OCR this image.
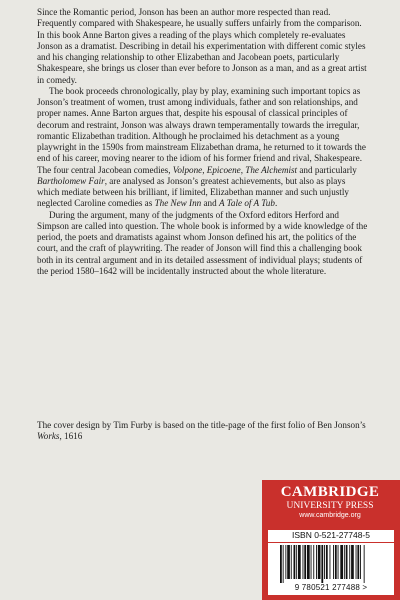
Since the Romantic period, Jonson has been an author more respected than read. Frequently compared with Shakespeare, he usually suffers unfairly from the comparison. In this book Anne Barton gives a reading of the plays which completely re-evaluates Jonson as a dramatist. Describing in detail his experimentation with different comic styles and his changing relationship to other Elizabethan and Jacobean poets, particularly Shakespeare, she brings us closer than ever before to Jonson as a man, and as a great artist in comedy.

The book proceeds chronologically, play by play, examining such important topics as Jonson’s treatment of women, trust among individuals, father and son relationships, and proper names. Anne Barton argues that, despite his espousal of classical principles of decorum and restraint, Jonson was always drawn temperamentally towards the irregular, romantic Elizabethan tradition. Although he proclaimed his detachment as a young playwright in the 1590s from mainstream Elizabethan drama, he returned to it towards the end of his career, moving nearer to the idiom of his former friend and rival, Shakespeare. The four central Jacobean comedies, Volpone, Epicoene, The Alchemist and particularly Bartholomew Fair, are analysed as Jonson’s greatest achievements, but also as plays which mediate between his brilliant, if limited, Elizabethan manner and such unjustly neglected Caroline comedies as The New Inn and A Tale of A Tub.

During the argument, many of the judgments of the Oxford editors Herford and Simpson are called into question. The whole book is informed by a wide knowledge of the period, the poets and dramatists against whom Jonson defined his art, the politics of the court, and the craft of playwriting. The reader of Jonson will find this a challenging book both in its central argument and in its detailed assessment of individual plays; students of the period 1580–1642 will be incidentally instructed about the whole literature.

The cover design by Tim Furby is based on the title-page of the first folio of Ben Jonson’s Works, 1616

CAMBRIDGE
UNIVERSITY PRESS
www.cambridge.org
ISBN 0-521-27748-5
9 780521 277488 >
